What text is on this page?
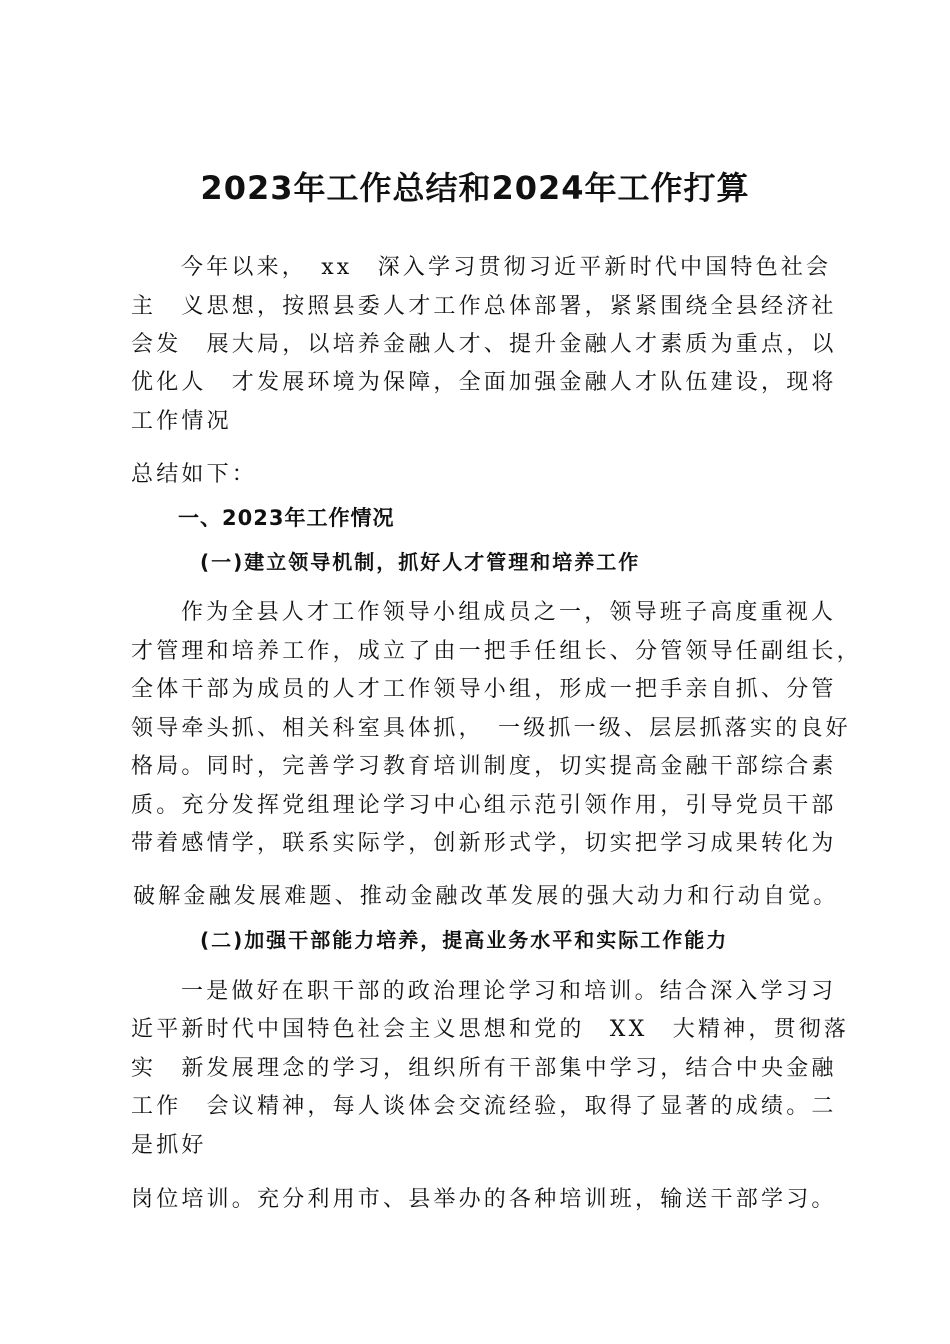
2023年工作总结和2024年工作打算
今年以来，　xx　深入学习贯彻习近平新时代中国特色社会
主　义思想，按照县委人才工作总体部署，紧紧围绕全县经济社
会发　展大局，以培养金融人才、提升金融人才素质为重点，以
优化人　才发展环境为保障，全面加强金融人才队伍建设，现将
工作情况
总结如下：
一、2023年工作情况
(一)建立领导机制，抓好人才管理和培养工作
作为全县人才工作领导小组成员之一，领导班子高度重视人
才管理和培养工作，成立了由一把手任组长、分管领导任副组长，
全体干部为成员的人才工作领导小组，形成一把手亲自抓、分管
领导牵头抓、相关科室具体抓，　一级抓一级、层层抓落实的良好
格局。同时，完善学习教育培训制度，切实提高金融干部综合素
质。充分发挥党组理论学习中心组示范引领作用，引导党员干部
带着感情学，联系实际学，创新形式学，切实把学习成果转化为
破解金融发展难题、推动金融改革发展的强大动力和行动自觉。
(二)加强干部能力培养，提高业务水平和实际工作能力
一是做好在职干部的政治理论学习和培训。结合深入学习习
近平新时代中国特色社会主义思想和党的　XX　大精神，贯彻落
实　新发展理念的学习，组织所有干部集中学习，结合中央金融
工作　会议精神，每人谈体会交流经验，取得了显著的成绩。二
是抓好
岗位培训。充分利用市、县举办的各种培训班，输送干部学习。
